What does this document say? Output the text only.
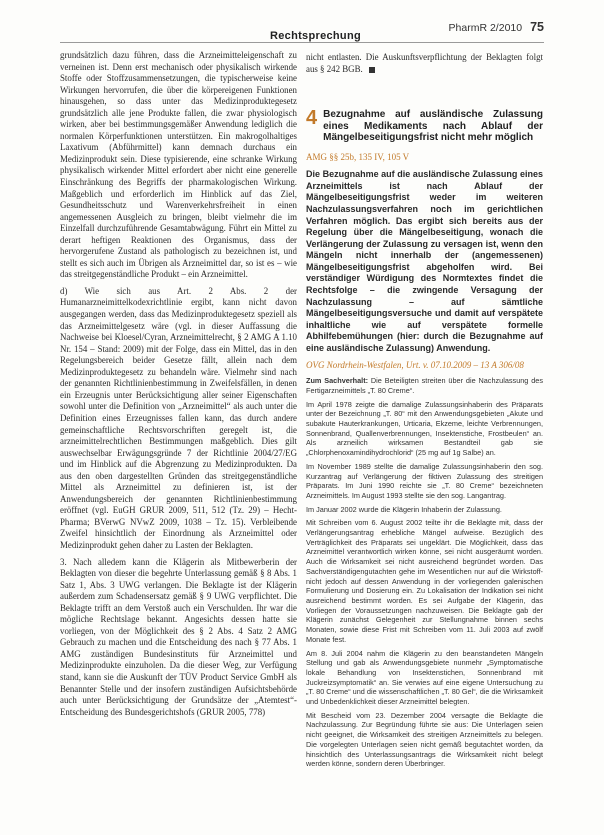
Rechtsprechung
PharmR 2/2010 75

grundsätzlich dazu führen, dass die Arzneimitteleigenschaft zu verneinen ist. Denn erst mechanisch oder physikalisch wirkende Stoffe oder Stoffzusammensetzungen, die typischerweise keine Wirkungen hervorrufen, die über die körpereigenen Funktionen hinausgehen, so dass unter das Medizinproduktegesetz grundsätzlich alle jene Produkte fallen, die zwar physiologisch wirken, aber bei bestimmungsgemäßer Anwendung lediglich die normalen Körperfunktionen unterstützen. Ein makrogolhaltiges Laxativum (Abführmittel) kann demnach durchaus ein Medizinprodukt sein. Diese typisierende, eine schranke Wirkung physikalisch wirkender Mittel erfordert aber nicht eine generelle Einschränkung des Begriffs der pharmakologischen Wirkung. Maßgeblich und erforderlich im Hinblick auf das Ziel, Gesundheitsschutz und Warenverkehrsfreiheit in einen angemessenen Ausgleich zu bringen, bleibt vielmehr die im Einzelfall durchzuführende Gesamtabwägung. Führt ein Mittel zu derart heftigen Reaktionen des Organismus, dass der hervorgerufene Zustand als pathologisch zu bezeichnen ist, und stellt es sich auch im Übrigen als Arzneimittel dar, so ist es – wie das streitgegenständliche Produkt – ein Arzneimittel.

d) Wie sich aus Art. 2 Abs. 2 der Humanarzneimittelkodexrichtlinie ergibt, kann nicht davon ausgegangen werden, dass das Medizinproduktegesetz speziell als das Arzneimittelgesetz wäre (vgl. in dieser Auffassung die Nachweise bei Kloesel/Cyran, Arzneimittelrecht, § 2 AMG A 1.10 Nr. 154 – Stand: 2009) mit der Folge, dass ein Mittel, das in den Regelungsbereich beider Gesetze fällt, allein nach dem Medizinproduktegesetz zu behandeln wäre. Vielmehr sind nach der genannten Richtlinienbestimmung in Zweifelsfällen, in denen ein Erzeugnis unter Berücksichtigung aller seiner Eigenschaften sowohl unter die Definition von „Arzneimittel“ als auch unter die Definition eines Erzeugnisses fallen kann, das durch andere gemeinschaftliche Rechtsvorschriften geregelt ist, die arzneimittelrechtlichen Bestimmungen maßgeblich. Dies gilt auswechselbar Erwägungsgründe 7 der Richtlinie 2004/27/EG und im Hinblick auf die Abgrenzung zu Medizinprodukten. Da aus den oben dargestellten Gründen das streitgegenständliche Mittel als Arzneimittel zu definieren ist, ist der Anwendungsbereich der genannten Richtlinienbestimmung eröffnet (vgl. EuGH GRUR 2009, 511, 512 (Tz. 29) – Hecht-Pharma; BVerwG NVwZ 2009, 1038 – Tz. 15). Verbleibende Zweifel hinsichtlich der Einordnung als Arzneimittel oder Medizinprodukt gehen daher zu Lasten der Beklagten.

3. Nach alledem kann die Klägerin als Mitbewerberin der Beklagten von dieser die begehrte Unterlassung gemäß § 8 Abs. 1 Satz 1, Abs. 3 UWG verlangen. Die Beklagte ist der Klägerin außerdem zum Schadensersatz gemäß § 9 UWG verpflichtet. Die Beklagte trifft an dem Verstoß auch ein Verschulden. Ihr war die mögliche Rechtslage bekannt. Angesichts dessen hatte sie vorliegen, von der Möglichkeit des § 2 Abs. 4 Satz 2 AMG Gebrauch zu machen und die Entscheidung des nach § 77 Abs. 1 AMG zuständigen Bundesinstituts für Arzneimittel und Medizinprodukte einzuholen. Da die dieser Weg, zur Verfügung stand, kann sie die Auskunft der TÜV Product Service GmbH als Benannter Stelle und der insofern zuständigen Aufsichtsbehörde auch unter Berücksichtigung der Grundsätze der „Atemtest“-Entscheidung des Bundesgerichtshofs (GRUR 2005, 778)

nicht entlasten. Die Auskunftsverpflichtung der Beklagten folgt aus § 242 BGB.

4 Bezugnahme auf ausländische Zulassung eines Medikaments nach Ablauf der Mängelbeseitigungsfrist nicht mehr möglich
AMG §§ 25b, 135 IV, 105 V
Die Bezugnahme auf die ausländische Zulassung eines Arzneimittels ist nach Ablauf der Mängelbeseitigungsfrist weder im weiteren Nachzulassungsverfahren noch im gerichtlichen Verfahren möglich. Das ergibt sich bereits aus der Regelung über die Mängelbeseitigung, wonach die Verlängerung der Zulassung zu versagen ist, wenn den Mängeln nicht innerhalb der (angemessenen) Mängelbeseitigungsfrist abgeholfen wird. Bei verständiger Würdigung des Normtextes findet die Rechtsfolge – die zwingende Versagung der Nachzulassung – auf sämtliche Mängelbeseitigungsversuche und damit auf verspätete inhaltliche wie auf verspätete formelle Abhilfebemühungen (hier: durch die Bezugnahme auf eine ausländische Zulassung) Anwendung.
OVG Nordrhein-Westfalen, Urt. v. 07.10.2009 – 13 A 306/08

Zum Sachverhalt: Die Beteiligten streiten über die Nachzulassung des Fertigarzneimittels „T. 80 Creme“.

Im April 1978 zeigte die damalige Zulassungsinhaberin des Präparats unter der Bezeichnung „T. 80“ mit den Anwendungsgebieten „Akute und subakute Hauterkrankungen, Urticaria, Ekzeme, leichte Verbrennungen, Sonnenbrand, Quallenverbrennungen, Insektenstiche, Frostbeulen“ an. Als arzneilich wirksamen Bestandteil gab sie „Chlorphenoxamindihydrochlorid“ (25 mg auf 1g Salbe) an.

Im November 1989 stellte die damalige Zulassungsinhaberin den sog. Kurzantrag auf Verlängerung der fiktiven Zulassung des streitigen Präparats. Im Juni 1990 reichte sie „T. 80 Creme“ bezeichneten Arzneimittels. Im August 1993 stellte sie den sog. Langantrag.

Im Januar 2002 wurde die Klägerin Inhaberin der Zulassung.

Mit Schreiben vom 6. August 2002 teilte ihr die Beklagte mit, dass der Verlängerungsantrag erhebliche Mängel aufweise. Bezüglich des Verträglichkeit des Präparats sei ungeklärt. Die Möglichkeit, dass das Arzneimittel verantwortlich wirken könne, sei nicht ausgeräumt worden. Auch die Wirksamkeit sei nicht ausreichend begründet worden. Das Sachverständigengutachten gehe im Wesentlichen nur auf die Wirkstoff- nicht jedoch auf dessen Anwendung in der vorliegenden galenischen Formulierung und Dosierung ein. Zu Lokalisation der Indikation sei nicht ausreichend bestimmt worden. Es sei Aufgabe der Klägerin, das Vorliegen der Voraussetzungen nachzuweisen. Die Beklagte gab der Klägerin zunächst Gelegenheit zur Stellungnahme binnen sechs Monaten, sowie diese Frist mit Schreiben vom 11. Juli 2003 auf zwölf Monate fest.

Am 8. Juli 2004 nahm die Klägerin zu den beanstandeten Mängeln Stellung und gab als Anwendungsgebiete nunmehr „Symptomatische lokale Behandlung von Insektenstichen, Sonnenbrand mit Juckreizsymptomatik“ an. Sie verwies auf eine eigene Untersuchung zu „T. 80 Creme“ und die wissenschaftlichen „T. 80 Gel“, die die Wirksamkeit und Unbedenklichkeit dieser Arzneimittel belegten.

Mit Bescheid vom 23. Dezember 2004 versagte die Beklagte die Nachzulassung. Zur Begründung führte sie aus: Die Unterlagen seien nicht geeignet, die Wirksamkeit des streitigen Arzneimittels zu belegen. Die vorgelegten Unterlagen seien nicht gemäß begutachtet worden, da hinsichtlich des Unterlassungsantrags die Wirksamkeit nicht belegt werden könne, sondern deren Überbringer.
